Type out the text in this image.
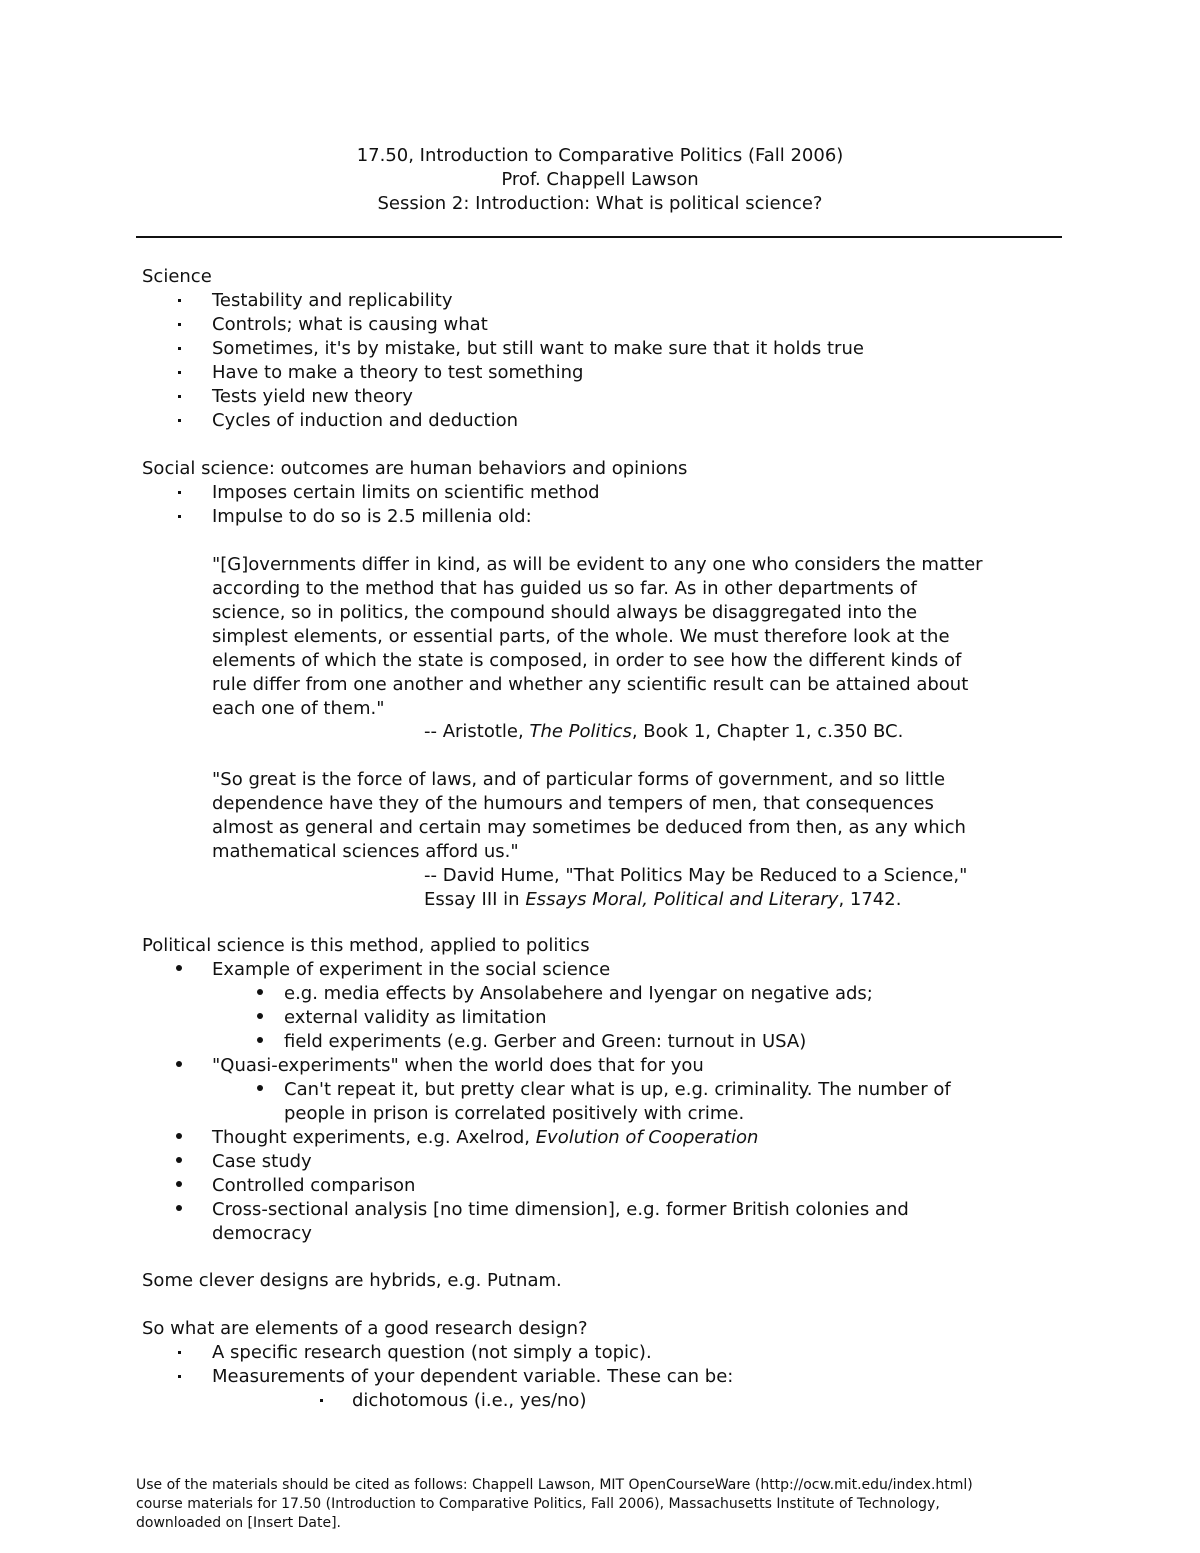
17.50, Introduction to Comparative Politics (Fall 2006)
Prof. Chappell Lawson
Session 2: Introduction: What is political science?
Science
Testability and replicability
Controls; what is causing what
Sometimes, it's by mistake, but still want to make sure that it holds true
Have to make a theory to test something
Tests yield new theory
Cycles of induction and deduction
Social science: outcomes are human behaviors and opinions
Imposes certain limits on scientific method
Impulse to do so is 2.5 millenia old:
"[G]overnments differ in kind, as will be evident to any one who considers the matter
according to the method that has guided us so far. As in other departments of
science, so in politics, the compound should always be disaggregated into the
simplest elements, or essential parts, of the whole. We must therefore look at the
elements of which the state is composed, in order to see how the different kinds of
rule differ from one another and whether any scientific result can be attained about
each one of them."
-- Aristotle, The Politics, Book 1, Chapter 1, c.350 BC.
"So great is the force of laws, and of particular forms of government, and so little
dependence have they of the humours and tempers of men, that consequences
almost as general and certain may sometimes be deduced from then, as any which
mathematical sciences afford us."
-- David Hume, "That Politics May be Reduced to a Science,"
Essay III in Essays Moral, Political and Literary, 1742.
Political science is this method, applied to politics
Example of experiment in the social science
e.g. media effects by Ansolabehere and Iyengar on negative ads;
external validity as limitation
field experiments (e.g. Gerber and Green: turnout in USA)
"Quasi-experiments" when the world does that for you
Can't repeat it, but pretty clear what is up, e.g. criminality. The number of
people in prison is correlated positively with crime.
Thought experiments, e.g. Axelrod, Evolution of Cooperation
Case study
Controlled comparison
Cross-sectional analysis [no time dimension], e.g. former British colonies and
democracy
Some clever designs are hybrids, e.g. Putnam.
So what are elements of a good research design?
A specific research question (not simply a topic).
Measurements of your dependent variable. These can be:
dichotomous (i.e., yes/no)
Use of the materials should be cited as follows: Chappell Lawson, MIT OpenCourseWare (http://ocw.mit.edu/index.html)
course materials for 17.50 (Introduction to Comparative Politics, Fall 2006), Massachusetts Institute of Technology,
downloaded on [Insert Date].
